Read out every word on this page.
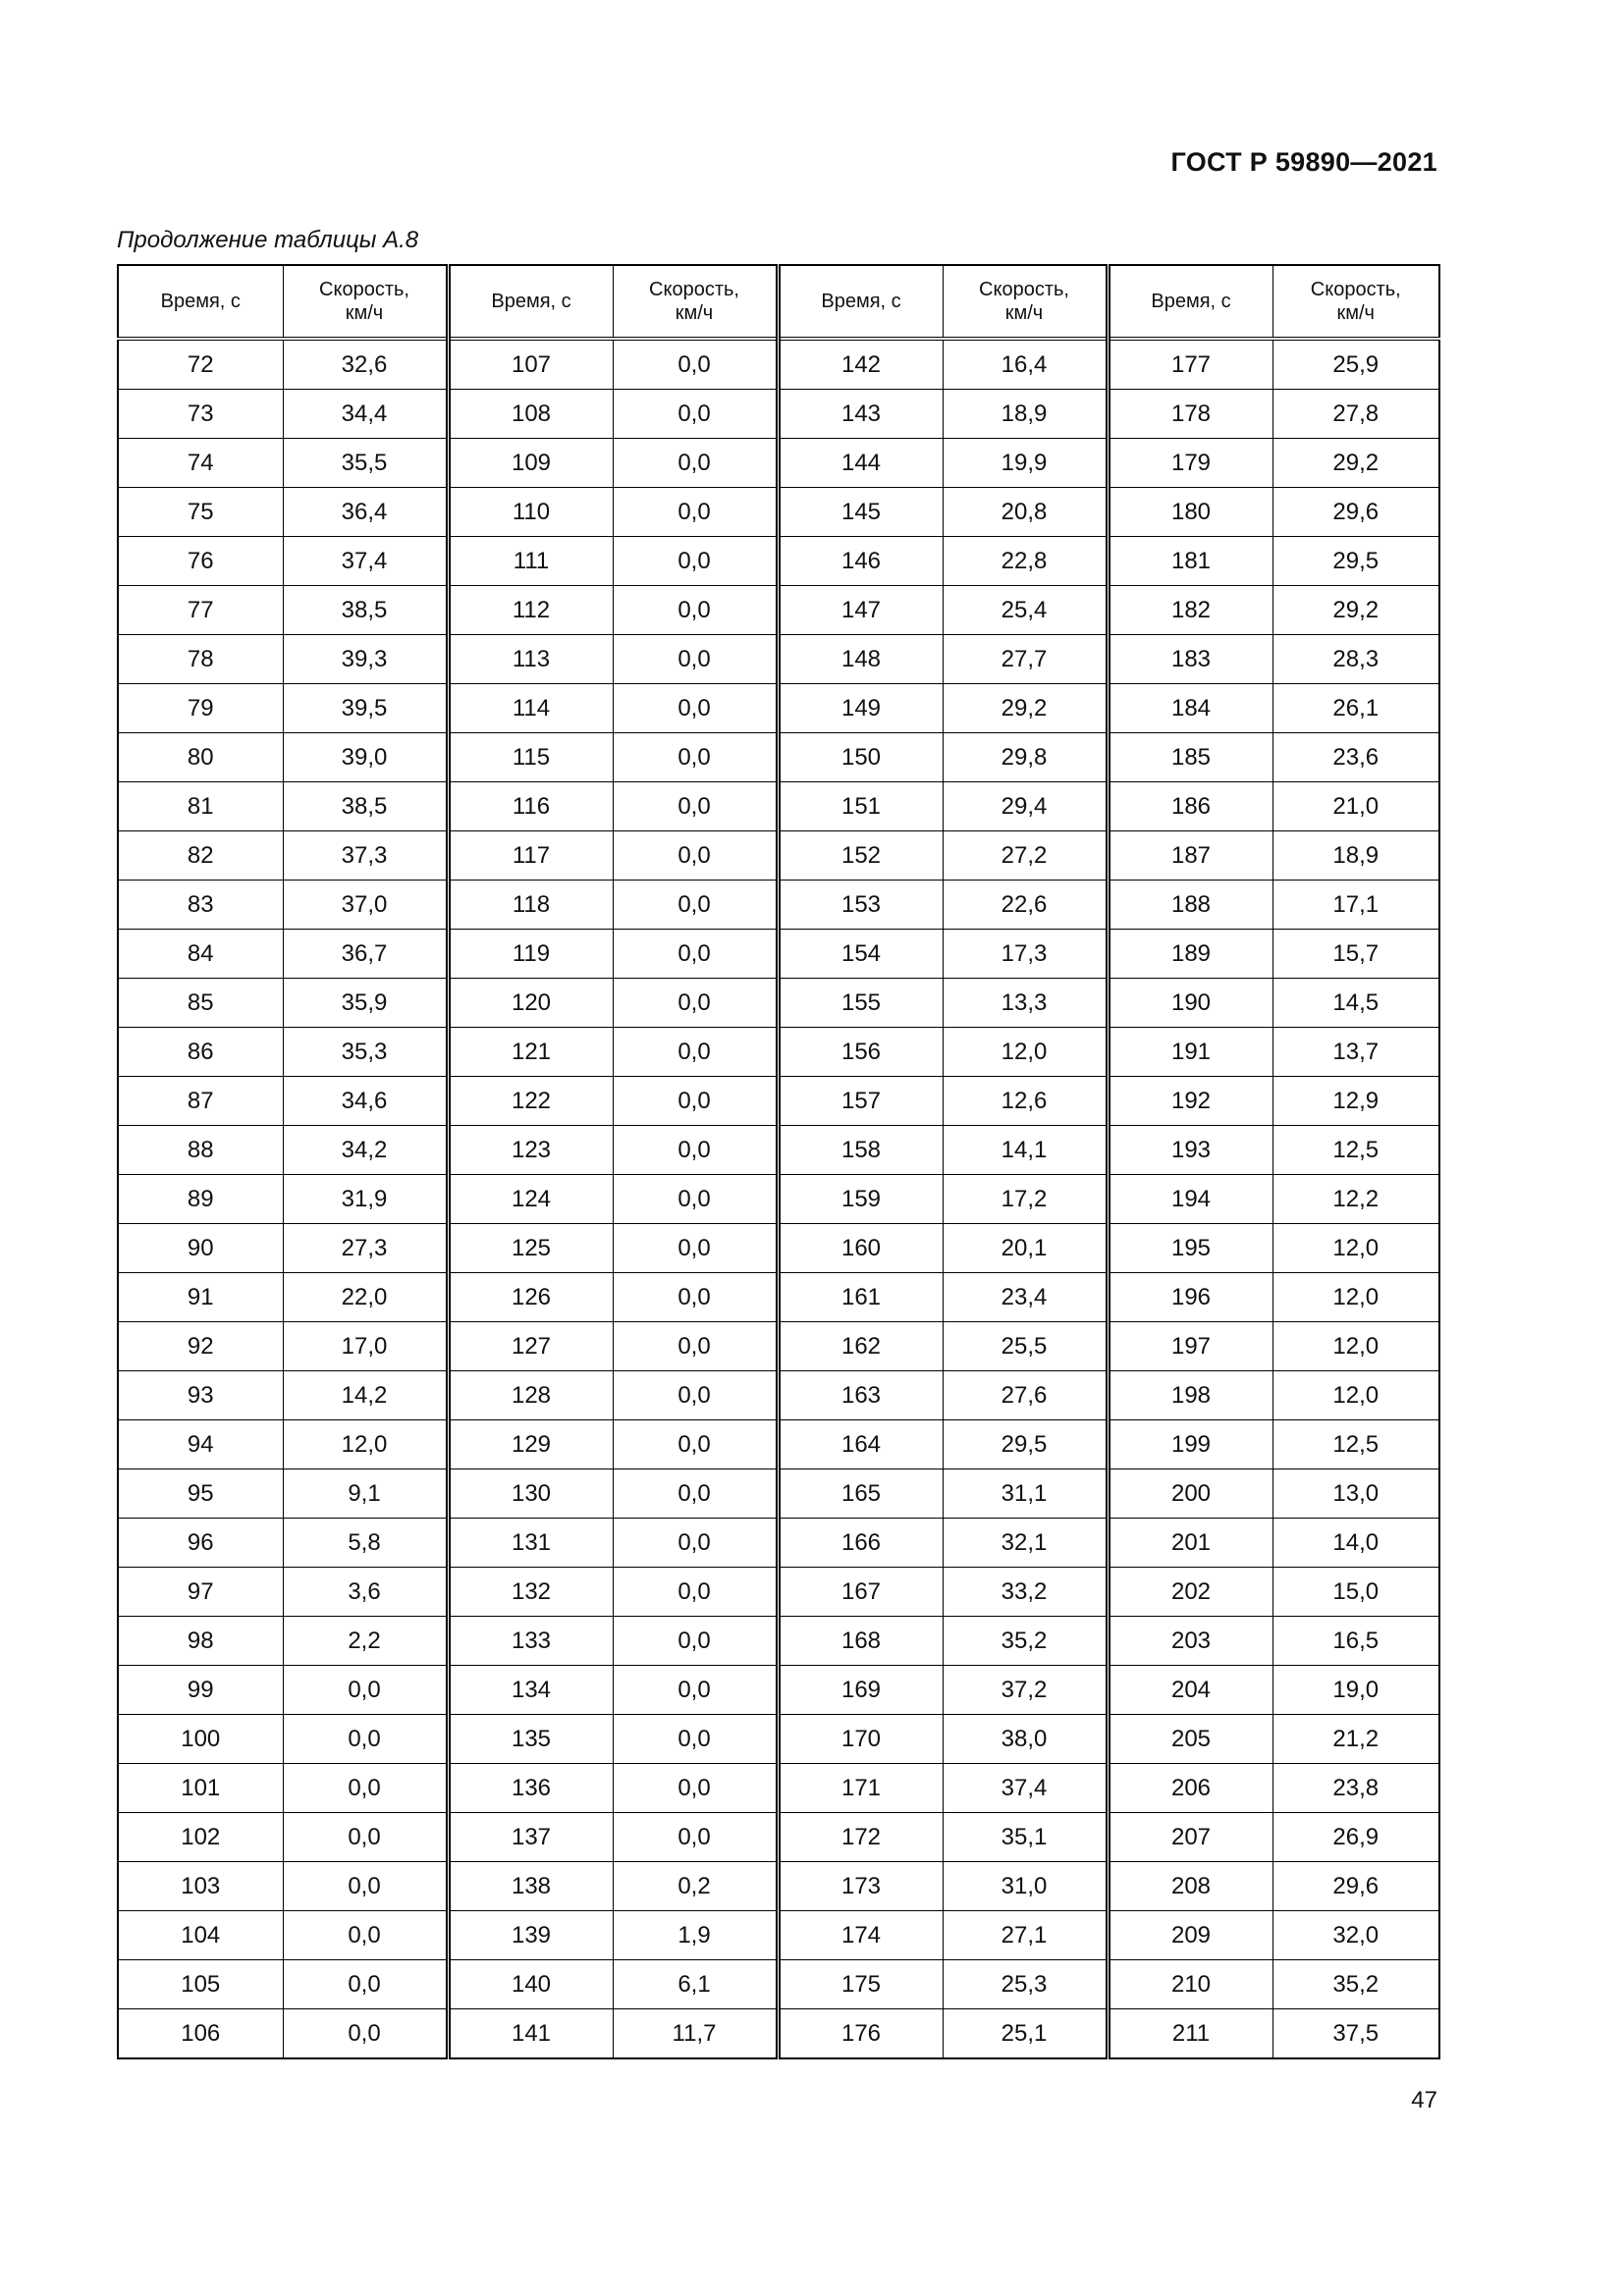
ГОСТ Р 59890—2021
Продолжение таблицы А.8
Время, с	Скорость,
км/ч	Время, с	Скорость,
км/ч	Время, с	Скорость,
км/ч	Время, с	Скорость,
км/ч
72	32,6	107	0,0	142	16,4	177	25,9
73	34,4	108	0,0	143	18,9	178	27,8
74	35,5	109	0,0	144	19,9	179	29,2
75	36,4	110	0,0	145	20,8	180	29,6
76	37,4	111	0,0	146	22,8	181	29,5
77	38,5	112	0,0	147	25,4	182	29,2
78	39,3	113	0,0	148	27,7	183	28,3
79	39,5	114	0,0	149	29,2	184	26,1
80	39,0	115	0,0	150	29,8	185	23,6
81	38,5	116	0,0	151	29,4	186	21,0
82	37,3	117	0,0	152	27,2	187	18,9
83	37,0	118	0,0	153	22,6	188	17,1
84	36,7	119	0,0	154	17,3	189	15,7
85	35,9	120	0,0	155	13,3	190	14,5
86	35,3	121	0,0	156	12,0	191	13,7
87	34,6	122	0,0	157	12,6	192	12,9
88	34,2	123	0,0	158	14,1	193	12,5
89	31,9	124	0,0	159	17,2	194	12,2
90	27,3	125	0,0	160	20,1	195	12,0
91	22,0	126	0,0	161	23,4	196	12,0
92	17,0	127	0,0	162	25,5	197	12,0
93	14,2	128	0,0	163	27,6	198	12,0
94	12,0	129	0,0	164	29,5	199	12,5
95	9,1	130	0,0	165	31,1	200	13,0
96	5,8	131	0,0	166	32,1	201	14,0
97	3,6	132	0,0	167	33,2	202	15,0
98	2,2	133	0,0	168	35,2	203	16,5
99	0,0	134	0,0	169	37,2	204	19,0
100	0,0	135	0,0	170	38,0	205	21,2
101	0,0	136	0,0	171	37,4	206	23,8
102	0,0	137	0,0	172	35,1	207	26,9
103	0,0	138	0,2	173	31,0	208	29,6
104	0,0	139	1,9	174	27,1	209	32,0
105	0,0	140	6,1	175	25,3	210	35,2
106	0,0	141	11,7	176	25,1	211	37,5
47
